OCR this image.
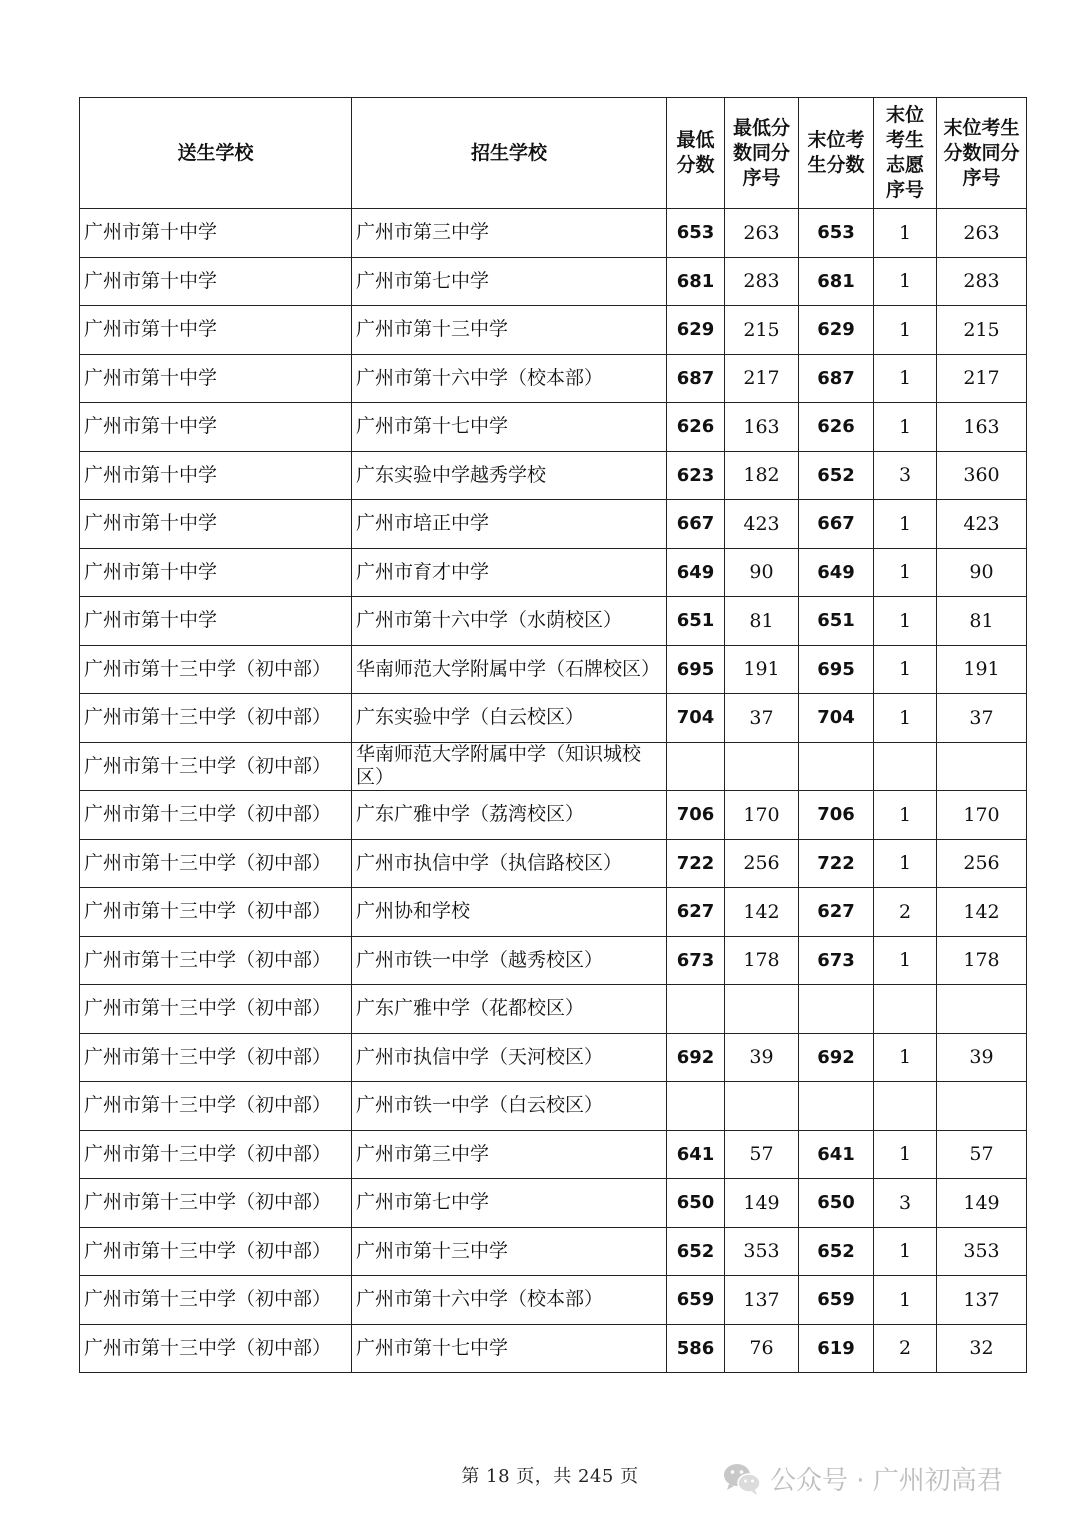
送生学校	招生学校	最低分数	最低分数同分序号	末位考生分数	末位考生志愿序号	末位考生分数同分序号

广州市第十中学	广州市第三中学	653	263	653	1	263
广州市第十中学	广州市第七中学	681	283	681	1	283
广州市第十中学	广州市第十三中学	629	215	629	1	215
广州市第十中学	广州市第十六中学（校本部）	687	217	687	1	217
广州市第十中学	广州市第十七中学	626	163	626	1	163
广州市第十中学	广东实验中学越秀学校	623	182	652	3	360
广州市第十中学	广州市培正中学	667	423	667	1	423
广州市第十中学	广州市育才中学	649	90	649	1	90
广州市第十中学	广州市第十六中学（水荫校区）	651	81	651	1	81
广州市第十三中学（初中部）	华南师范大学附属中学（石牌校区）	695	191	695	1	191
广州市第十三中学（初中部）	广东实验中学（白云校区）	704	37	704	1	37
广州市第十三中学（初中部）	华南师范大学附属中学（知识城校区）					
广州市第十三中学（初中部）	广东广雅中学（荔湾校区）	706	170	706	1	170
广州市第十三中学（初中部）	广州市执信中学（执信路校区）	722	256	722	1	256
广州市第十三中学（初中部）	广州协和学校	627	142	627	2	142
广州市第十三中学（初中部）	广州市铁一中学（越秀校区）	673	178	673	1	178
广州市第十三中学（初中部）	广东广雅中学（花都校区）					
广州市第十三中学（初中部）	广州市执信中学（天河校区）	692	39	692	1	39
广州市第十三中学（初中部）	广州市铁一中学（白云校区）					
广州市第十三中学（初中部）	广州市第三中学	641	57	641	1	57
广州市第十三中学（初中部）	广州市第七中学	650	149	650	3	149
广州市第十三中学（初中部）	广州市第十三中学	652	353	652	1	353
广州市第十三中学（初中部）	广州市第十六中学（校本部）	659	137	659	1	137
广州市第十三中学（初中部）	广州市第十七中学	586	76	619	2	32
第 18 页，共 245 页	公众号 · 广州初高君
